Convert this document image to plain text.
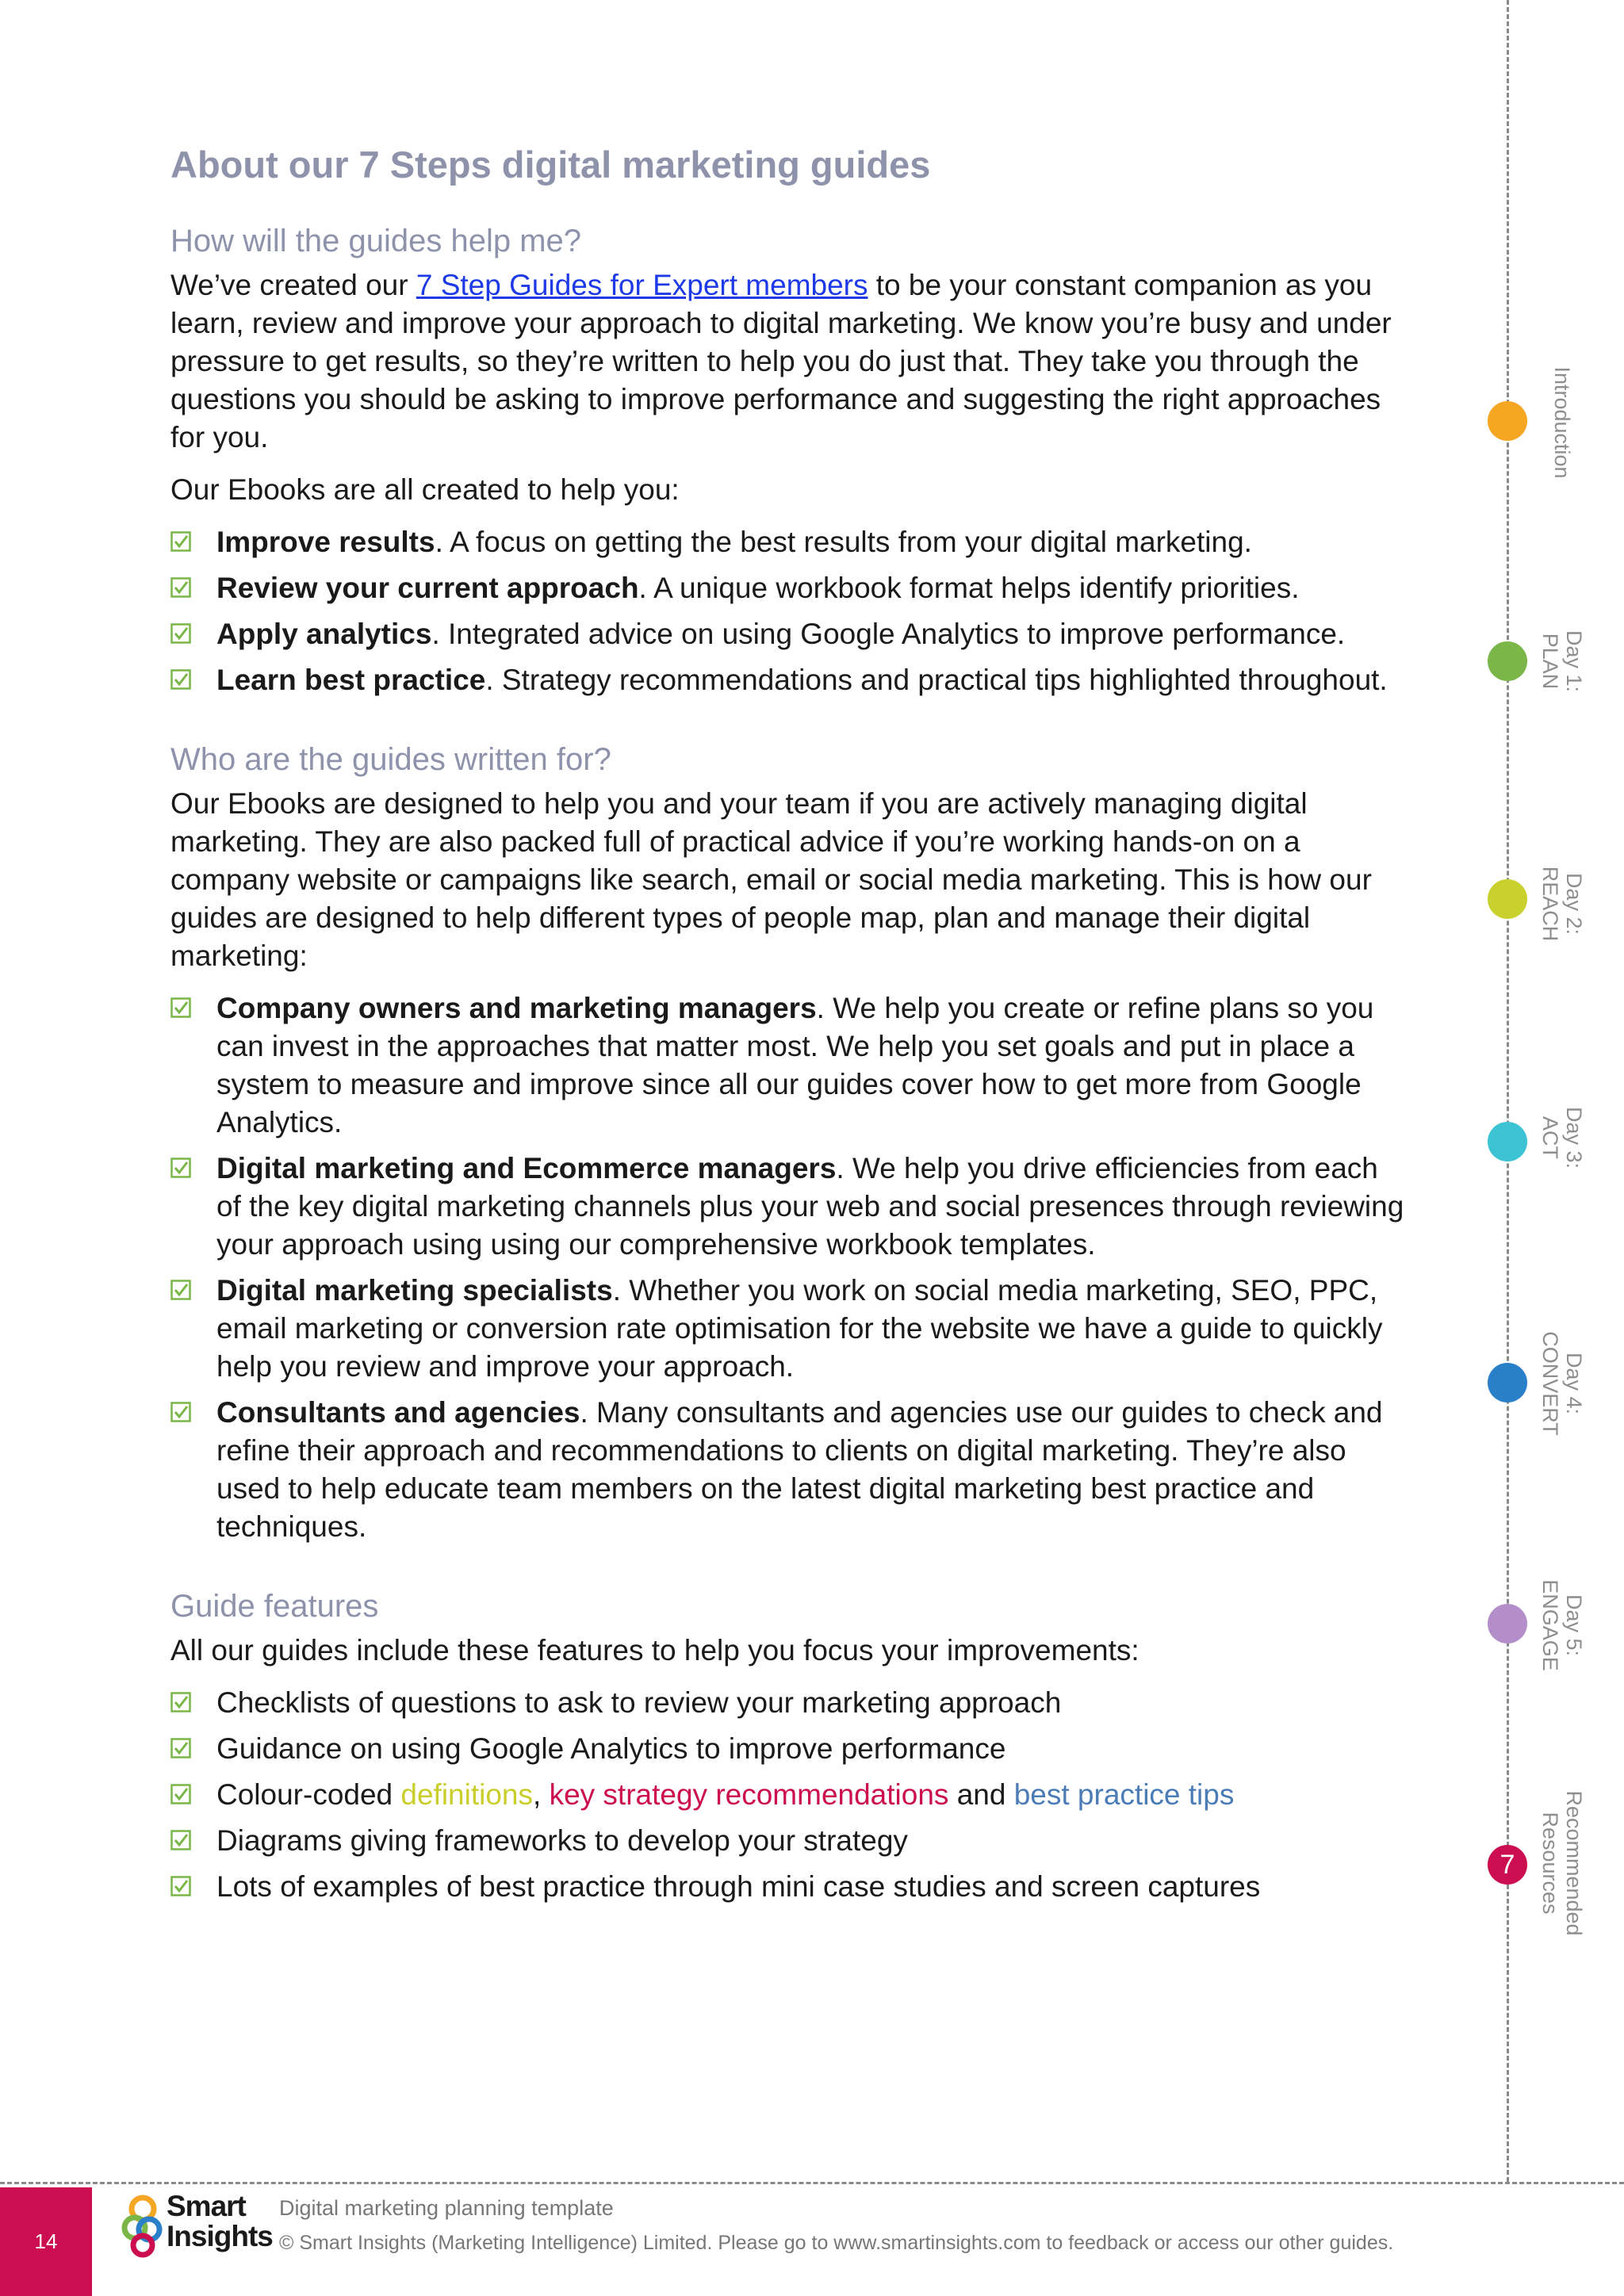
About our 7 Steps digital marketing guides
How will the guides help me?

We’ve created our 7 Step Guides for Expert members to be your constant companion as you learn, review and improve your approach to digital marketing. We know you’re busy and under pressure to get results, so they’re written to help you do just that. They take you through the questions you should be asking to improve performance and suggesting the right approaches for you.

Our Ebooks are all created to help you:

Improve results. A focus on getting the best results from your digital marketing.
Review your current approach. A unique workbook format helps identify priorities.
Apply analytics. Integrated advice on using Google Analytics to improve performance.
Learn best practice. Strategy recommendations and practical tips highlighted throughout.
Who are the guides written for?

Our Ebooks are designed to help you and your team if you are actively managing digital marketing. They are also packed full of practical advice if you’re working hands-on on a company website or campaigns like search, email or social media marketing. This is how our guides are designed to help different types of people map, plan and manage their digital marketing:

Company owners and marketing managers. We help you create or refine plans so you can invest in the approaches that matter most. We help you set goals and put in place a system to measure and improve since all our guides cover how to get more from Google Analytics.
Digital marketing and Ecommerce managers. We help you drive efficiencies from each of the key digital marketing channels plus your web and social presences through reviewing your approach using using our comprehensive workbook templates.
Digital marketing specialists. Whether you work on social media marketing, SEO, PPC, email marketing or conversion rate optimisation for the website we have a guide to quickly help you review and improve your approach.
Consultants and agencies. Many consultants and agencies use our guides to check and refine their approach and recommendations to clients on digital marketing. They’re also used to help educate team members on the latest digital marketing best practice and techniques.
Guide features

All our guides include these features to help you focus your improvements:

Checklists of questions to ask to review your marketing approach
Guidance on using Google Analytics to improve performance
Colour-coded definitions, key strategy recommendations and best practice tips
Diagrams giving frameworks to develop your strategy
Lots of examples of best practice through mini case studies and screen captures
Introduction
Day 1:
PLAN
Day 2:
REACH
Day 3:
ACT
Day 4:
CONVERT
Day 5:
ENGAGE
7	Recommended
Resources
14
Smart
Insights
Digital marketing planning template
© Smart Insights (Marketing Intelligence) Limited. Please go to www.smartinsights.com to feedback or access our other guides.
